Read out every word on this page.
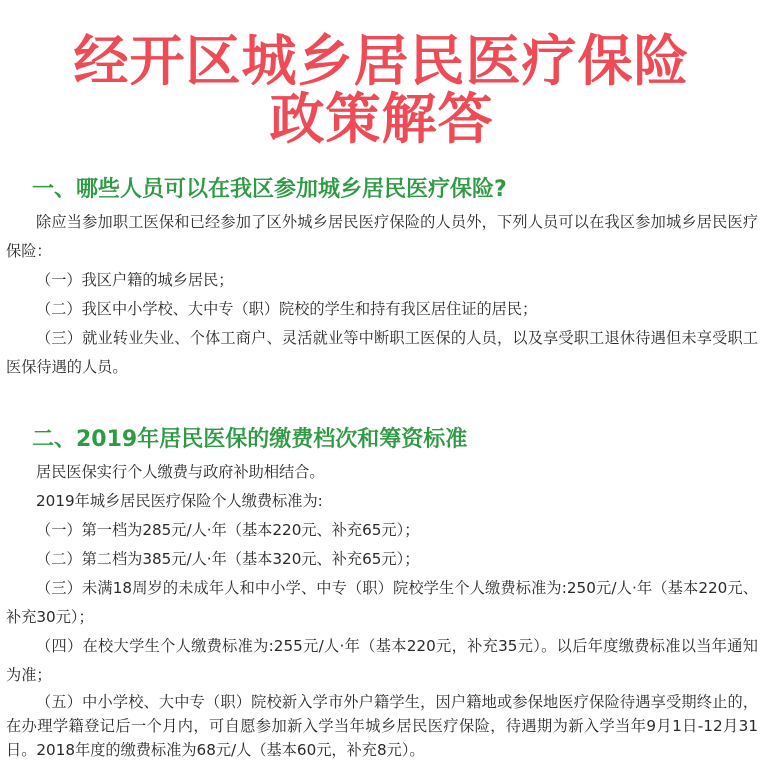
经开区城乡居民医疗保险
政策解答
一、哪些人员可以在我区参加城乡居民医疗保险?
除应当参加职工医保和已经参加了区外城乡居民医疗保险的人员外，下列人员可以在我区参加城乡居民医疗保险：
（一）我区户籍的城乡居民；
（二）我区中小学校、大中专（职）院校的学生和持有我区居住证的居民；
（三）就业转业失业、个体工商户、灵活就业等中断职工医保的人员，以及享受职工退休待遇但未享受职工医保待遇的人员。
二、2019年居民医保的缴费档次和筹资标准
居民医保实行个人缴费与政府补助相结合。
2019年城乡居民医疗保险个人缴费标准为:
（一）第一档为285元/人·年（基本220元、补充65元）；
（二）第二档为385元/人·年（基本320元、补充65元）；
（三）未满18周岁的未成年人和中小学、中专（职）院校学生个人缴费标准为:250元/人·年（基本220元、补充30元）；
（四）在校大学生个人缴费标准为:255元/人·年（基本220元，补充35元）。以后年度缴费标准以当年通知为准；
（五）中小学校、大中专（职）院校新入学市外户籍学生，因户籍地或参保地医疗保险待遇享受期终止的，在办理学籍登记后一个月内，可自愿参加新入学当年城乡居民医疗保险，待遇期为新入学当年9月1日-12月31日。2018年度的缴费标准为68元/人（基本60元，补充8元）。
